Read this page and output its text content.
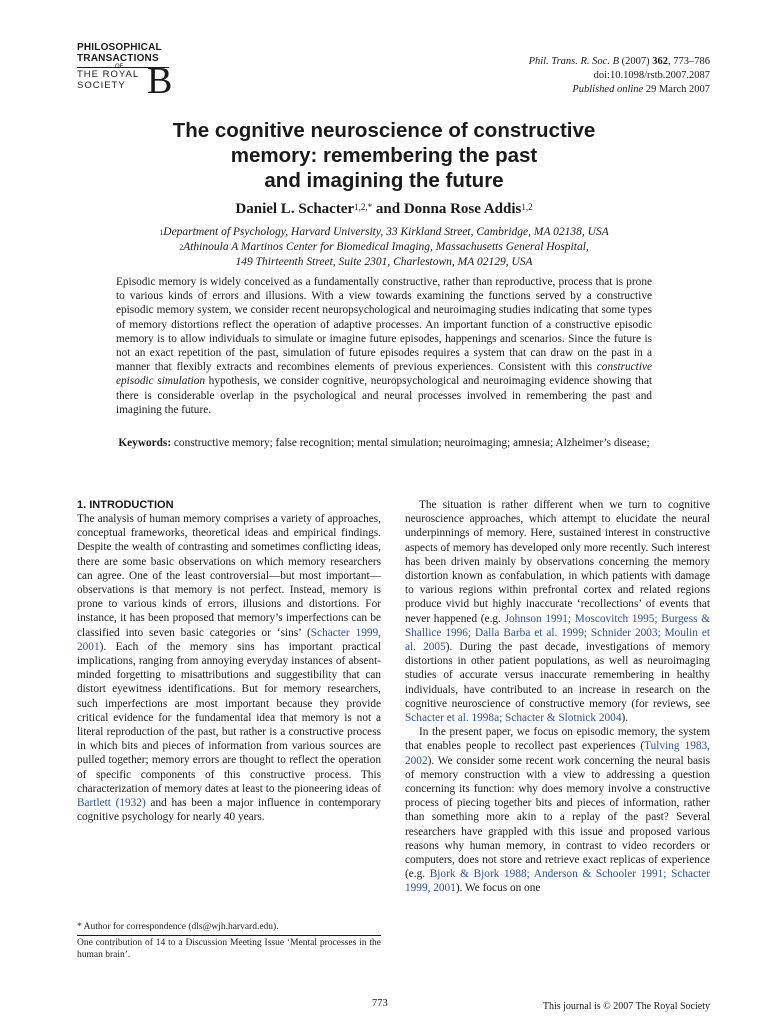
PHILOSOPHICAL
TRANSACTIONS
THE ROYAL
SOCIETY B	Phil. Trans. R. Soc. B (2007) 362, 773–786
doi:10.1098/rstb.2007.2087
Published online 29 March 2007
The cognitive neuroscience of constructive
memory: remembering the past
and imagining the future
Daniel L. Schacter$^{1,2,*}$ and Donna Rose Addis$^{1,2}$
$^1$Department of Psychology, Harvard University, 33 Kirkland Street, Cambridge, MA 02138, USA
$^2$Athinoula A Martinos Center for Biomedical Imaging, Massachusetts General Hospital,
149 Thirteenth Street, Suite 2301, Charlestown, MA 02129, USA
Episodic memory is widely conceived as a fundamentally constructive, rather than reproductive, process that is prone to various kinds of errors and illusions. With a view towards examining the functions served by a constructive episodic memory system, we consider recent neuropsychological and neuroimaging studies indicating that some types of memory distortions reflect the operation of adaptive processes. An important function of a constructive episodic memory is to allow individuals to simulate or imagine future episodes, happenings and scenarios. Since the future is not an exact repetition of the past, simulation of future episodes requires a system that can draw on the past in a manner that flexibly extracts and recombines elements of previous experiences. Consistent with this constructive episodic simulation hypothesis, we consider cognitive, neuropsychological and neuroimaging evidence showing that there is considerable overlap in the psychological and neural processes involved in remembering the past and imagining the future.
Keywords: constructive memory; false recognition; mental simulation; neuroimaging; amnesia; Alzheimer’s disease;
1. INTRODUCTION

The analysis of human memory comprises a variety of approaches, conceptual frameworks, theoretical ideas and empirical findings. Despite the wealth of contrasting and sometimes conflicting ideas, there are some basic observations on which memory researchers can agree. One of the least controversial—but most important—observations is that memory is not perfect. Instead, memory is prone to various kinds of errors, illusions and distortions. For instance, it has been proposed that memory’s imperfections can be classified into seven basic categories or ‘sins’ (Schacter 1999, 2001). Each of the memory sins has important practical implications, ranging from annoying everyday instances of absent-minded forgetting to misattributions and suggestibility that can distort eyewitness identifications. But for memory researchers, such imperfections are most important because they provide critical evidence for the fundamental idea that memory is not a literal reproduction of the past, but rather is a constructive process in which bits and pieces of information from various sources are pulled together; memory errors are thought to reflect the operation of specific components of this constructive process. This characterization of memory dates at least to the pioneering ideas of Bartlett (1932) and has been a major influence in contemporary cognitive psychology for nearly 40 years.

* Author for correspondence (dls@wjh.harvard.edu).
One contribution of 14 to a Discussion Meeting Issue ‘Mental processes in the human brain’.

The situation is rather different when we turn to cognitive neuroscience approaches, which attempt to elucidate the neural underpinnings of memory. Here, sustained interest in constructive aspects of memory has developed only more recently. Such interest has been driven mainly by observations concerning the memory distortion known as confabulation, in which patients with damage to various regions within prefrontal cortex and related regions produce vivid but highly inaccurate ‘recollections’ of events that never happened (e.g. Johnson 1991; Moscovitch 1995; Burgess & Shallice 1996; Dalla Barba et al. 1999; Schnider 2003; Moulin et al. 2005). During the past decade, investigations of memory distortions in other patient populations, as well as neuroimaging studies of accurate versus inaccurate remembering in healthy individuals, have contributed to an increase in research on the cognitive neuroscience of constructive memory (for reviews, see Schacter et al. 1998a; Schacter & Slotnick 2004).

In the present paper, we focus on episodic memory, the system that enables people to recollect past experiences (Tulving 1983, 2002). We consider some recent work concerning the neural basis of memory construction with a view to addressing a question concerning its function: why does memory involve a constructive process of piecing together bits and pieces of information, rather than something more akin to a replay of the past? Several researchers have grappled with this issue and proposed various reasons why human memory, in contrast to video recorders or computers, does not store and retrieve exact replicas of experience (e.g. Bjork & Bjork 1988; Anderson & Schooler 1991; Schacter 1999, 2001). We focus on one

773	This journal is © 2007 The Royal Society
